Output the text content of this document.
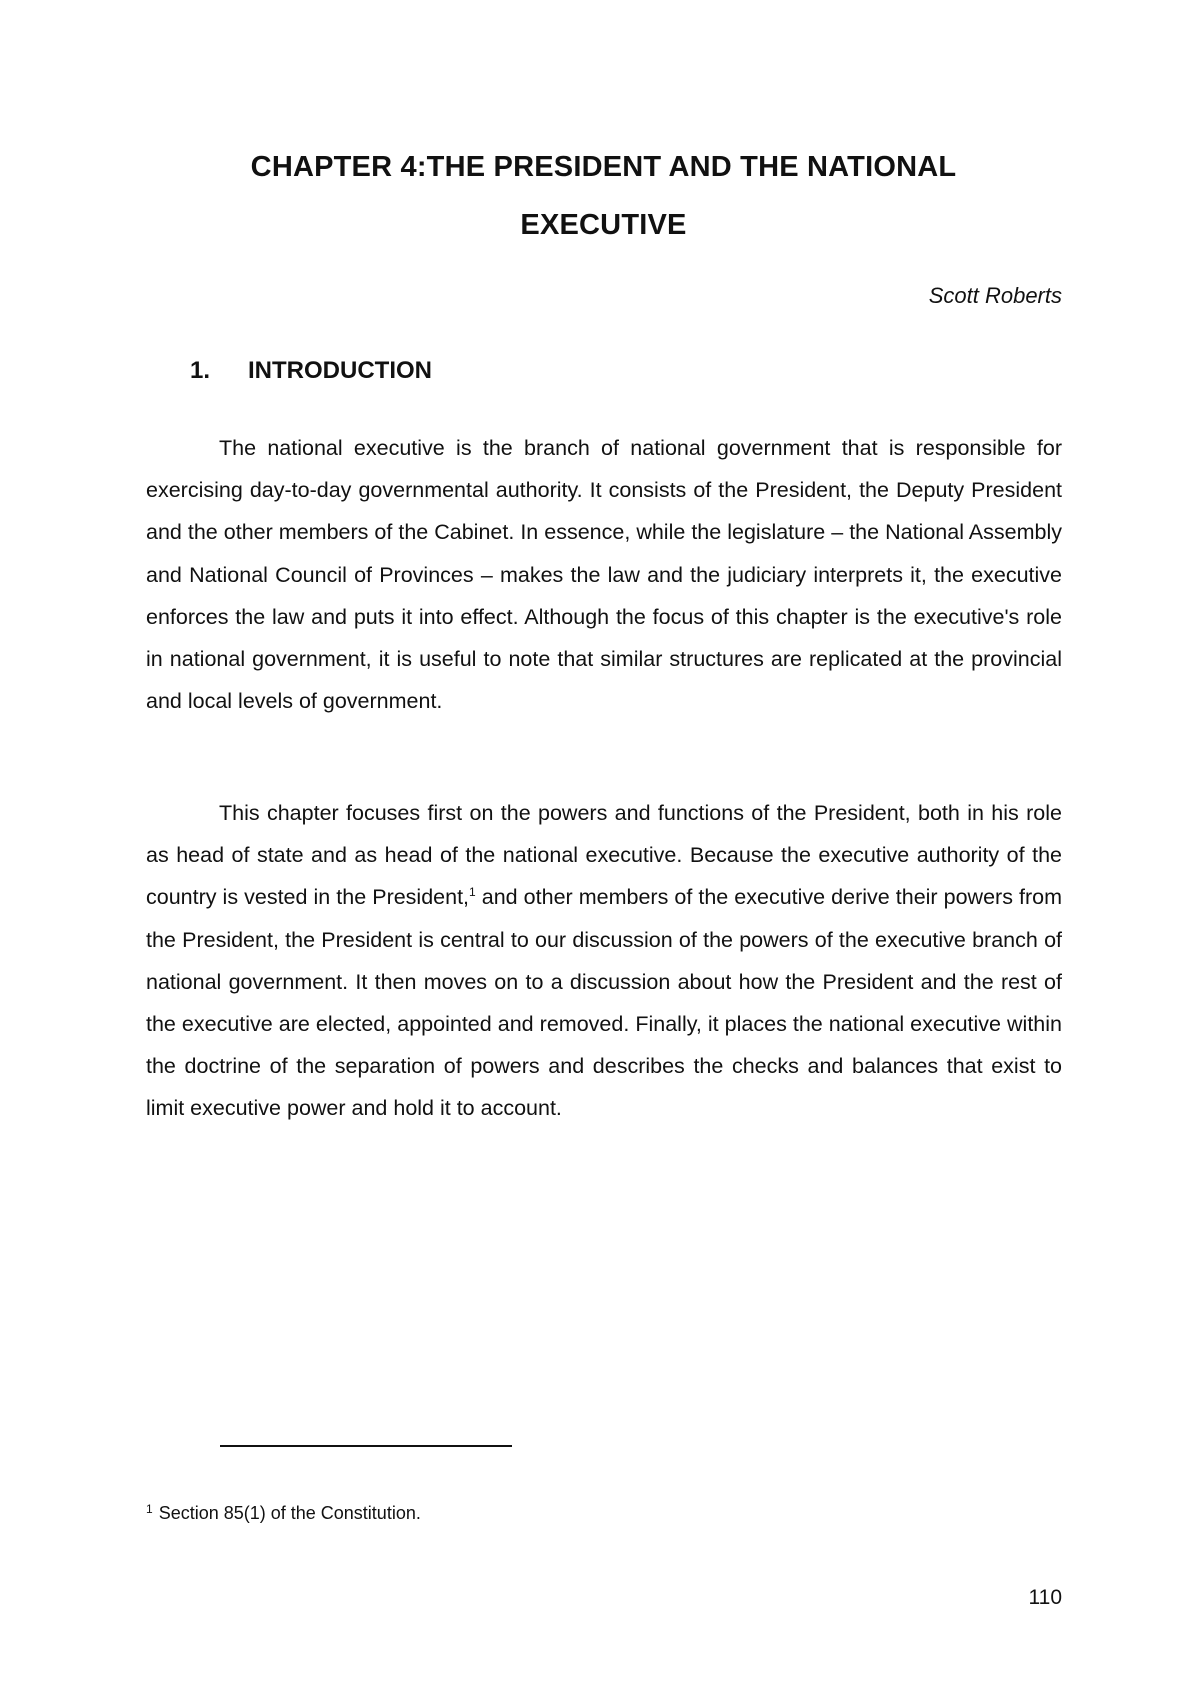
CHAPTER 4:THE PRESIDENT AND THE NATIONAL
EXECUTIVE
Scott Roberts
1. INTRODUCTION

The national executive is the branch of national government that is responsible for exercising day-to-day governmental authority. It consists of the President, the Deputy President and the other members of the Cabinet. In essence, while the legislature – the National Assembly and National Council of Provinces – makes the law and the judiciary interprets it, the executive enforces the law and puts it into effect. Although the focus of this chapter is the executive's role in national government, it is useful to note that similar structures are replicated at the provincial and local levels of government.

This chapter focuses first on the powers and functions of the President, both in his role as head of state and as head of the national executive. Because the executive authority of the country is vested in the President,$^1$ and other members of the executive derive their powers from the President, the President is central to our discussion of the powers of the executive branch of national government. It then moves on to a discussion about how the President and the rest of the executive are elected, appointed and removed. Finally, it places the national executive within the doctrine of the separation of powers and describes the checks and balances that exist to limit executive power and hold it to account.

$^1$ Section 85(1) of the Constitution.
110
